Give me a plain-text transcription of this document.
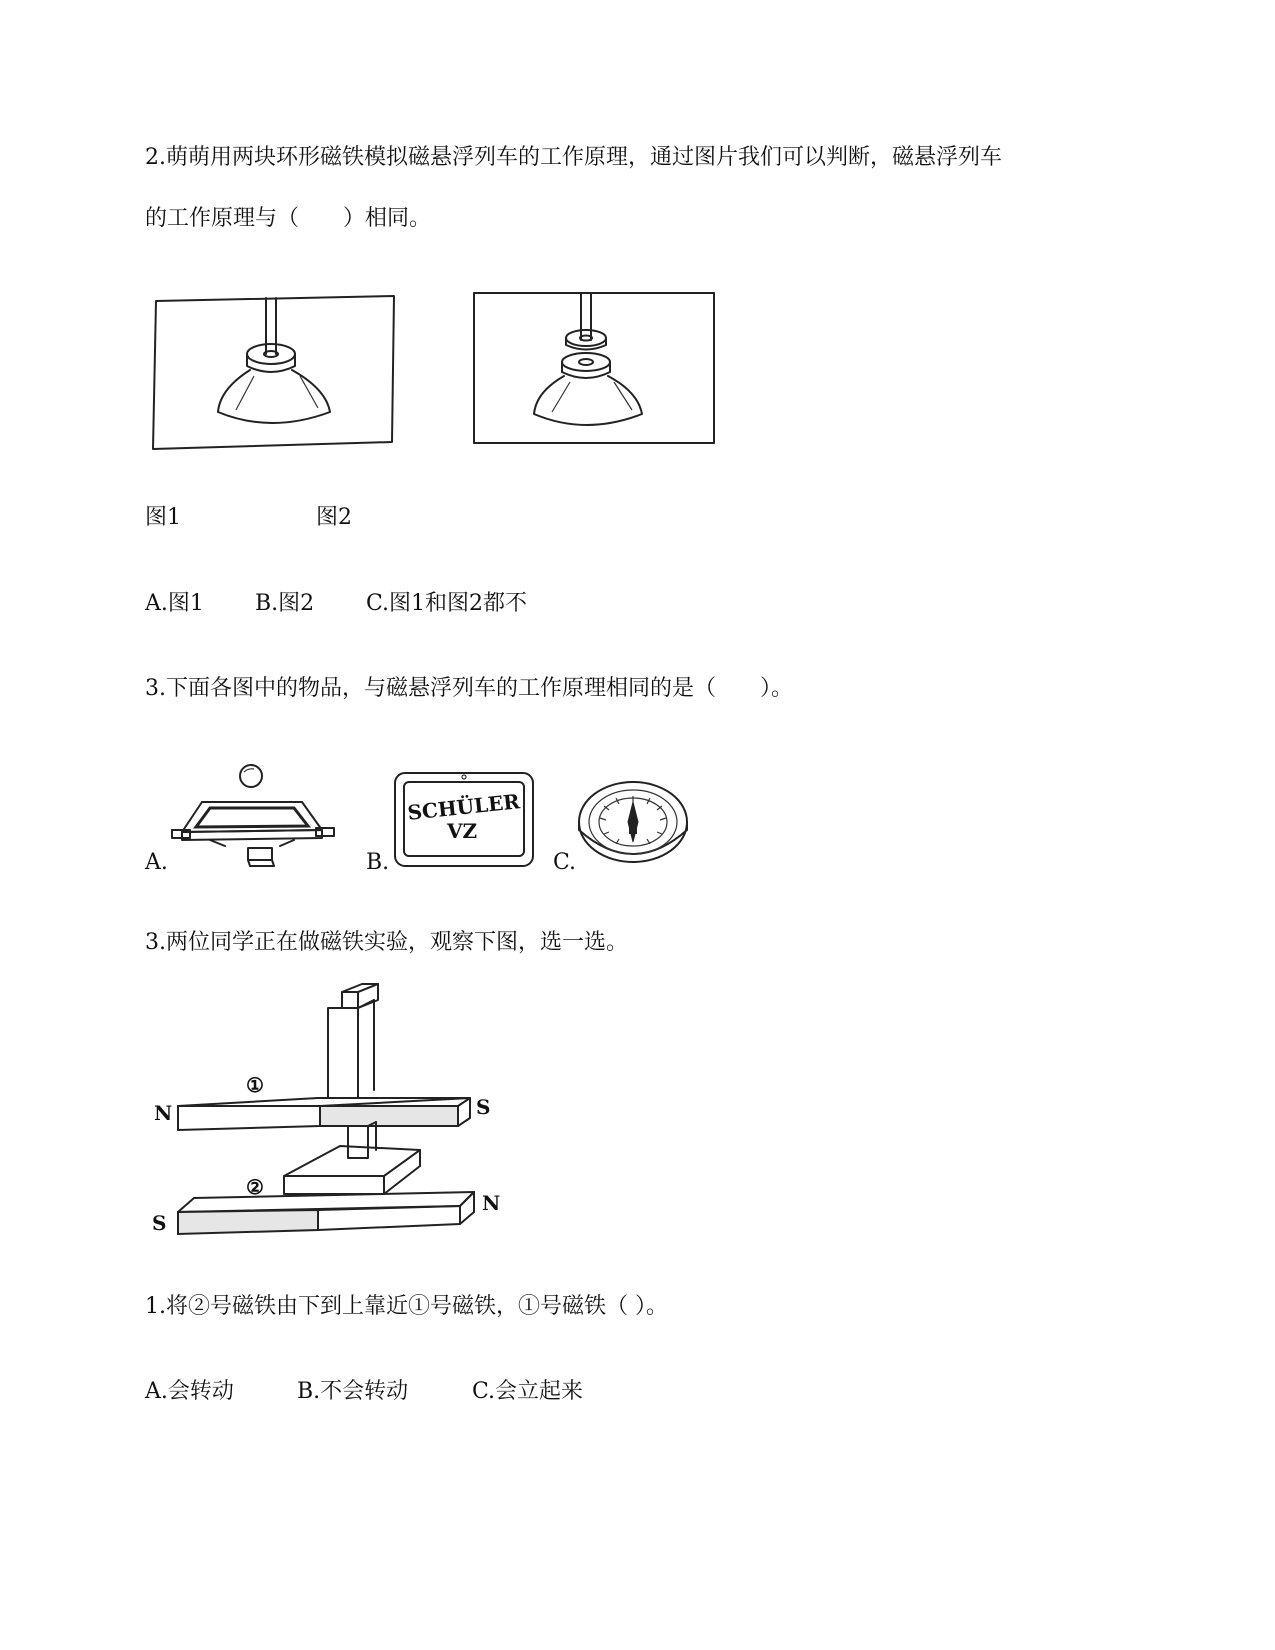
2.萌萌用两块环形磁铁模拟磁悬浮列车的工作原理，通过图片我们可以判断，磁悬浮列车
的工作原理与（　　）相同。
图1	图2
A.图1 B.图2 C.图1和图2都不
3.下面各图中的物品，与磁悬浮列车的工作原理相同的是（　　）。
A.	B.
SCHÜLER
VZ
C.
3.两位同学正在做磁铁实验，观察下图，选一选。
①
②
N	S
S
N
1.将②号磁铁由下到上靠近①号磁铁，①号磁铁（ ）。
A.会转动	B.不会转动	C.会立起来
